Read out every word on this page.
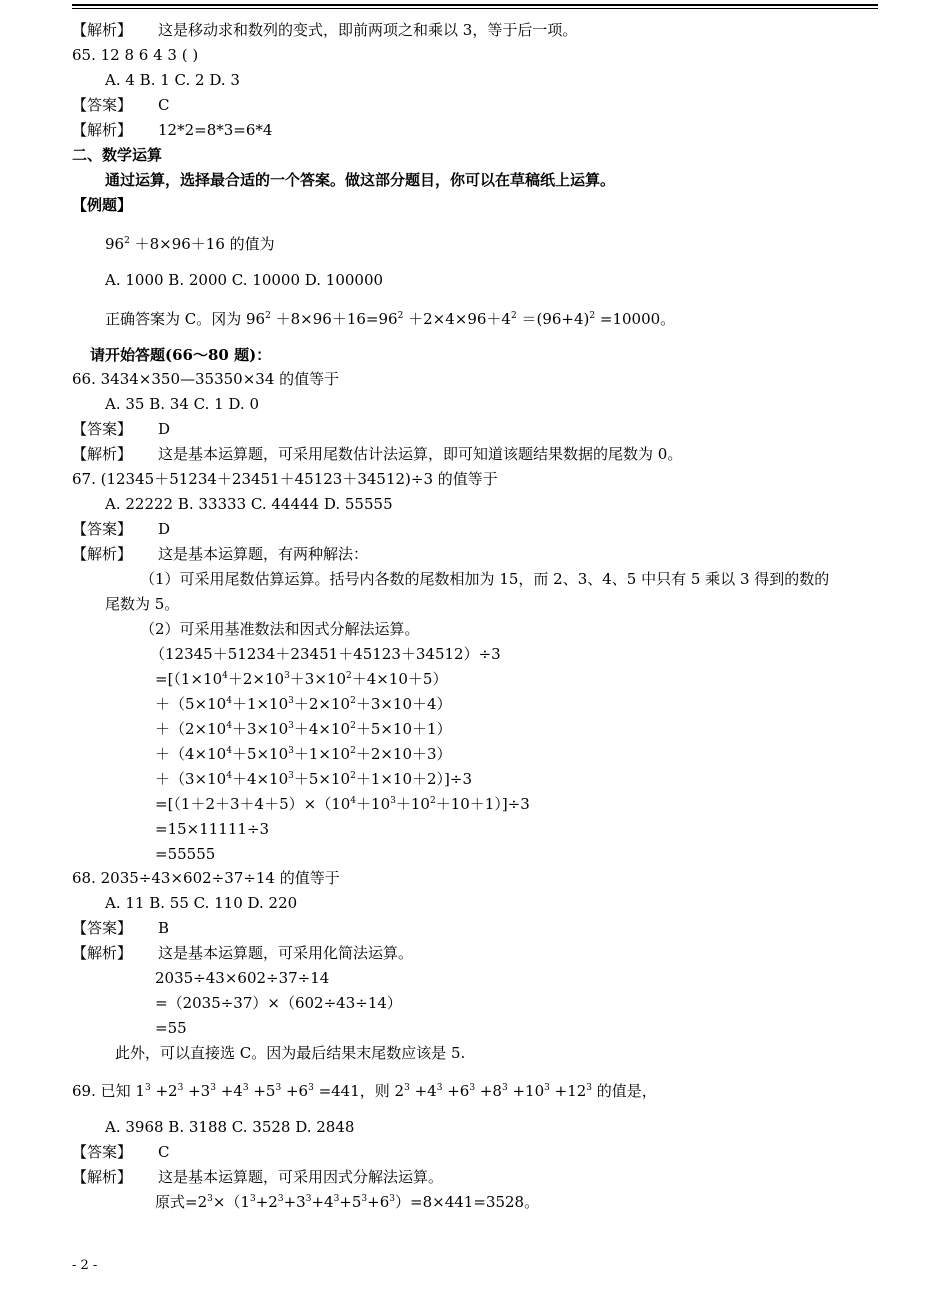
【解析】 这是移动求和数列的变式，即前两项之和乘以 3，等于后一项。
65. 12 8 6 4 3 ( )
A. 4 B. 1 C. 2 D. 3
【答案】 C
【解析】 12*2=8*3=6*4
二、数学运算
通过运算，选择最合适的一个答案。做这部分题目，你可以在草稿纸上运算。
【例题】
$96^2 +8\times 96+16$ 的值为
A. 1000 B. 2000 C. 10000 D. 100000
正确答案为 C。冈为 $96^2 +8\times 96+16=96^2 +2\times 4\times 96+4^2 =(96+4)^2 =10000$。
请开始答题(66～80 题)：
66. 3434×350—35350×34 的值等于
A. 35 B. 34 C. 1 D. 0
【答案】 D
【解析】 这是基本运算题，可采用尾数估计法运算，即可知道该题结果数据的尾数为 0。
67. (12345＋51234＋23451＋45123＋34512)÷3 的值等于
A. 22222 B. 33333 C. 44444 D. 55555
【答案】 D
【解析】 这是基本运算题，有两种解法：
（1）可采用尾数估算运算。括号内各数的尾数相加为 15，而 2、3、4、5 中只有 5 乘以 3 得到的数的
尾数为 5。
（2）可采用基准数法和因式分解法运算。
（12345＋51234＋23451＋45123＋34512）÷3
$=[(1\times 10^4+2\times 10^3+3\times 10^2+4\times 10+5)$
$+(5\times 10^4+1\times 10^3+2\times 10^2+3\times 10+4)$
$+(2\times 10^4+3\times 10^3+4\times 10^2+5\times 10+1)$
$+(4\times 10^4+5\times 10^3+1\times 10^2+2\times 10+3)$
$+(3\times 10^4+4\times 10^3+5\times 10^2+1\times 10+2)]\div 3$
$=[(1+2+3+4+5)\times(10^4+10^3+10^2+10+1)]\div 3$
=15×11111÷3
=55555
68. 2035÷43×602÷37÷14 的值等于
A. 11 B. 55 C. 110 D. 220
【答案】 B
【解析】 这是基本运算题，可采用化简法运算。
2035÷43×602÷37÷14
=（2035÷37）×（602÷43÷14）
=55
此外，可以直接选 C。因为最后结果末尾数应该是 5.
69. 已知 $1^3 +2^3 +3^3 +4^3 +5^3 +6^3 =441$，则 $2^3 +4^3 +6^3 +8^3 +10^3 +12^3$ 的值是，
A. 3968 B. 3188 C. 3528 D. 2848
【答案】 C
【解析】 这是基本运算题，可采用因式分解法运算。
原式$=2^3\times(1^3+2^3+3^3+4^3+5^3+6^3)=8\times 441=3528$。
- 2 -
